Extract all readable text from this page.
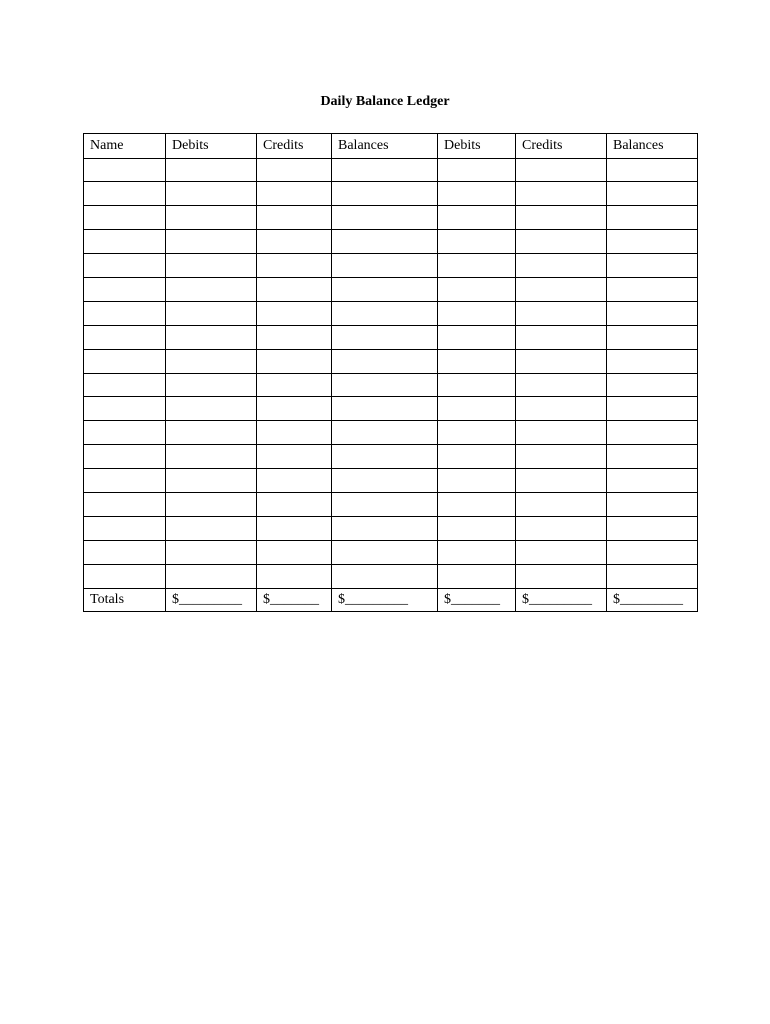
Daily Balance Ledger
Name	Debits	Credits	Balances	Debits	Credits	Balances

Totals	$_________	$_______	$_________	$_______	$_________	$_________
